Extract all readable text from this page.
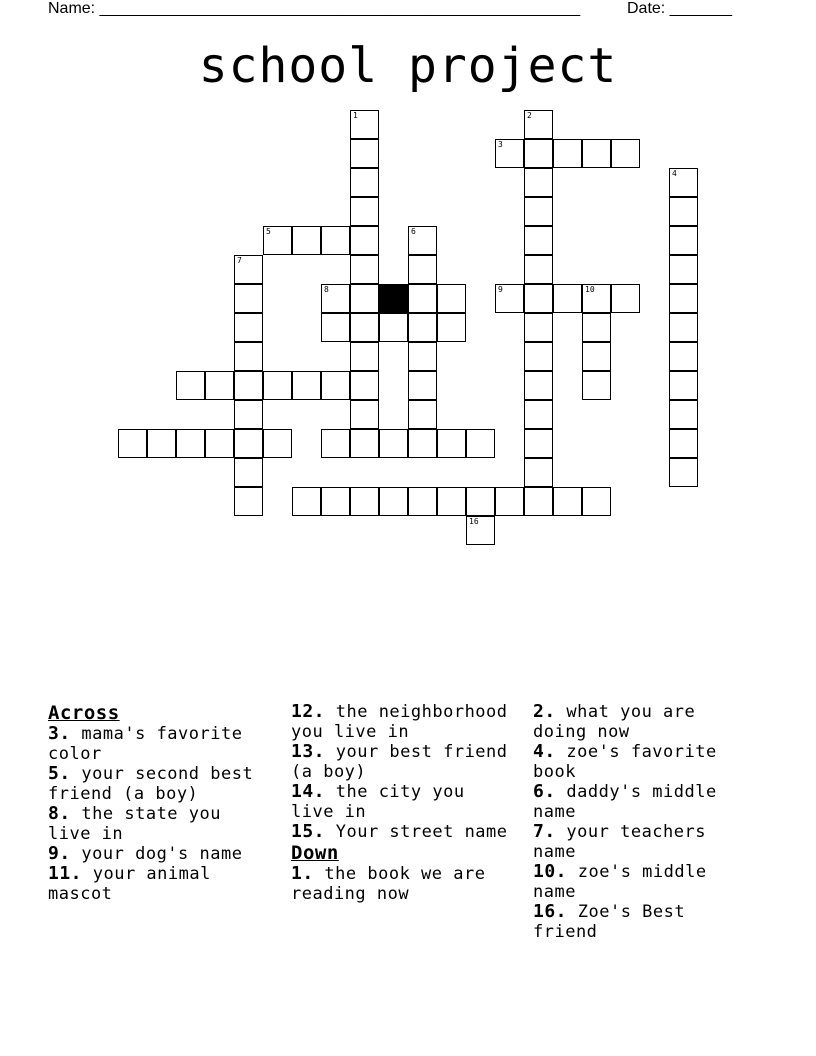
Name: ______________________________________________________	Date: _______
school project
1	2
3
4
5	6
7
8	9	10
16
Across
3. mama's favorite color
5. your second best friend (a boy)
8. the state you live in
9. your dog's name
11. your animal mascot
12. the neighborhood you live in
13. your best friend (a boy)
14. the city you live in
15. Your street name
Down
1. the book we are reading now
2. what you are doing now
4. zoe's favorite book
6. daddy's middle name
7. your teachers name
10. zoe's middle name
16. Zoe's Best friend
